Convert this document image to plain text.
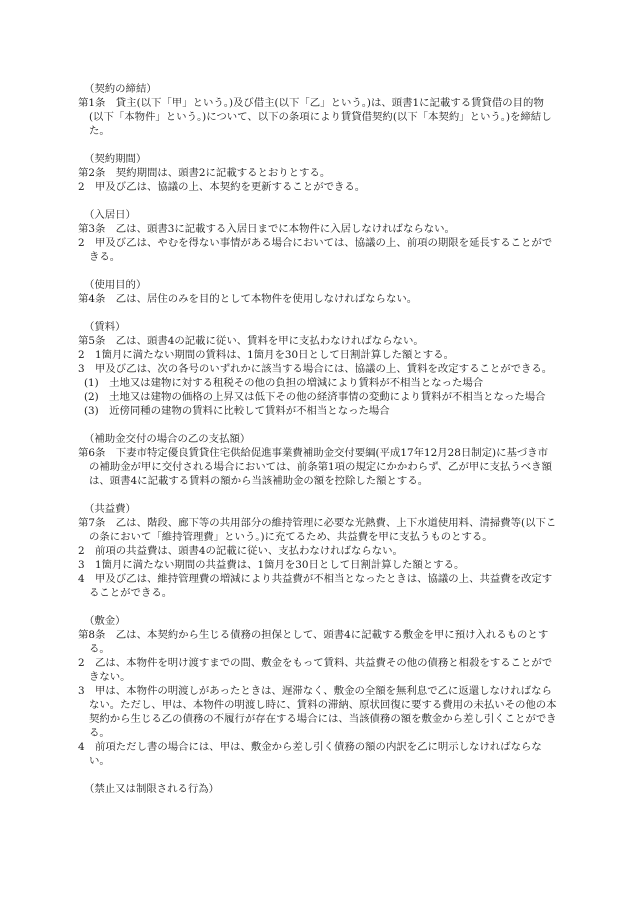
（契約の締結）
第1条　貸主(以下「甲」という。)及び借主(以下「乙」という。)は、頭書1に記載する賃貸借の目的物(以下「本物件」という。)について、以下の条項により賃貸借契約(以下「本契約」という。)を締結した。
（契約期間）
第2条　契約期間は、頭書2に記載するとおりとする。
2　甲及び乙は、協議の上、本契約を更新することができる。
（入居日）
第3条　乙は、頭書3に記載する入居日までに本物件に入居しなければならない。
2　甲及び乙は、やむを得ない事情がある場合においては、協議の上、前項の期限を延長することができる。
（使用目的）
第4条　乙は、居住のみを目的として本物件を使用しなければならない。
（賃料）
第5条　乙は、頭書4の記載に従い、賃料を甲に支払わなければならない。
2　1箇月に満たない期間の賃料は、1箇月を30日として日割計算した額とする。
3　甲及び乙は、次の各号のいずれかに該当する場合には、協議の上、賃料を改定することができる。
(1)　土地又は建物に対する租税その他の負担の増減により賃料が不相当となった場合
(2)　土地又は建物の価格の上昇又は低下その他の経済事情の変動により賃料が不相当となった場合
(3)　近傍同種の建物の賃料に比較して賃料が不相当となった場合
（補助金交付の場合の乙の支払額）
第6条　下妻市特定優良賃貸住宅供給促進事業費補助金交付要綱(平成17年12月28日制定)に基づき市の補助金が甲に交付される場合においては、前条第1項の規定にかかわらず、乙が甲に支払うべき額は、頭書4に記載する賃料の額から当該補助金の額を控除した額とする。
（共益費）
第7条　乙は、階段、廊下等の共用部分の維持管理に必要な光熱費、上下水道使用料、清掃費等(以下この条において「維持管理費」という。)に充てるため、共益費を甲に支払うものとする。
2　前項の共益費は、頭書4の記載に従い、支払わなければならない。
3　1箇月に満たない期間の共益費は、1箇月を30日として日割計算した額とする。
4　甲及び乙は、維持管理費の増減により共益費が不相当となったときは、協議の上、共益費を改定することができる。
（敷金）
第8条　乙は、本契約から生じる債務の担保として、頭書4に記載する敷金を甲に預け入れるものとする。
2　乙は、本物件を明け渡すまでの間、敷金をもって賃料、共益費その他の債務と相殺をすることができない。
3　甲は、本物件の明渡しがあったときは、遅滞なく、敷金の全額を無利息で乙に返還しなければならない。ただし、甲は、本物件の明渡し時に、賃料の滞納、原状回復に要する費用の未払いその他の本契約から生じる乙の債務の不履行が存在する場合には、当該債務の額を敷金から差し引くことができる。
4　前項ただし書の場合には、甲は、敷金から差し引く債務の額の内訳を乙に明示しなければならない。
（禁止又は制限される行為）
